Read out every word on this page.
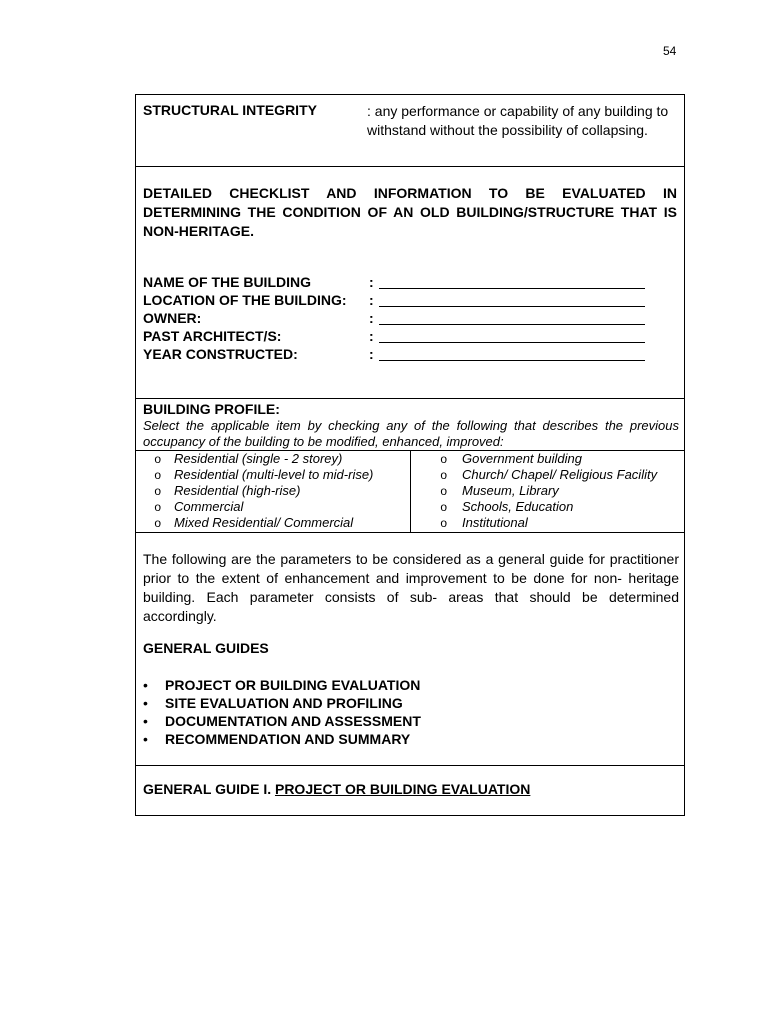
54
STRUCTURAL INTEGRITY	: any performance or capability of any building to withstand without the possibility of collapsing.
DETAILED CHECKLIST AND INFORMATION TO BE EVALUATED IN DETERMINING THE CONDITION OF AN OLD BUILDING/STRUCTURE THAT IS NON-HERITAGE.
NAME OF THE BUILDING	:
LOCATION OF THE BUILDING:	:
OWNER:	:
PAST ARCHITECT/S:	:
YEAR CONSTRUCTED:	:
BUILDING PROFILE:
Select the applicable item by checking any of the following that describes the previous occupancy of the building to be modified, enhanced, improved:
o	Residential (single - 2 storey)
o	Residential (multi-level to mid-rise)
o	Residential (high-rise)
o	Commercial
o	Mixed Residential/ Commercial
o	Government building
o	Church/ Chapel/ Religious Facility
o	Museum, Library
o	Schools, Education
o	Institutional
The following are the parameters to be considered as a general guide for practitioner prior to the extent of enhancement and improvement to be done for non- heritage building. Each parameter consists of sub- areas that should be determined accordingly.
GENERAL GUIDES
•	PROJECT OR BUILDING EVALUATION
•	SITE EVALUATION AND PROFILING
•	DOCUMENTATION AND ASSESSMENT
•	RECOMMENDATION AND SUMMARY
GENERAL GUIDE I. PROJECT OR BUILDING EVALUATION
